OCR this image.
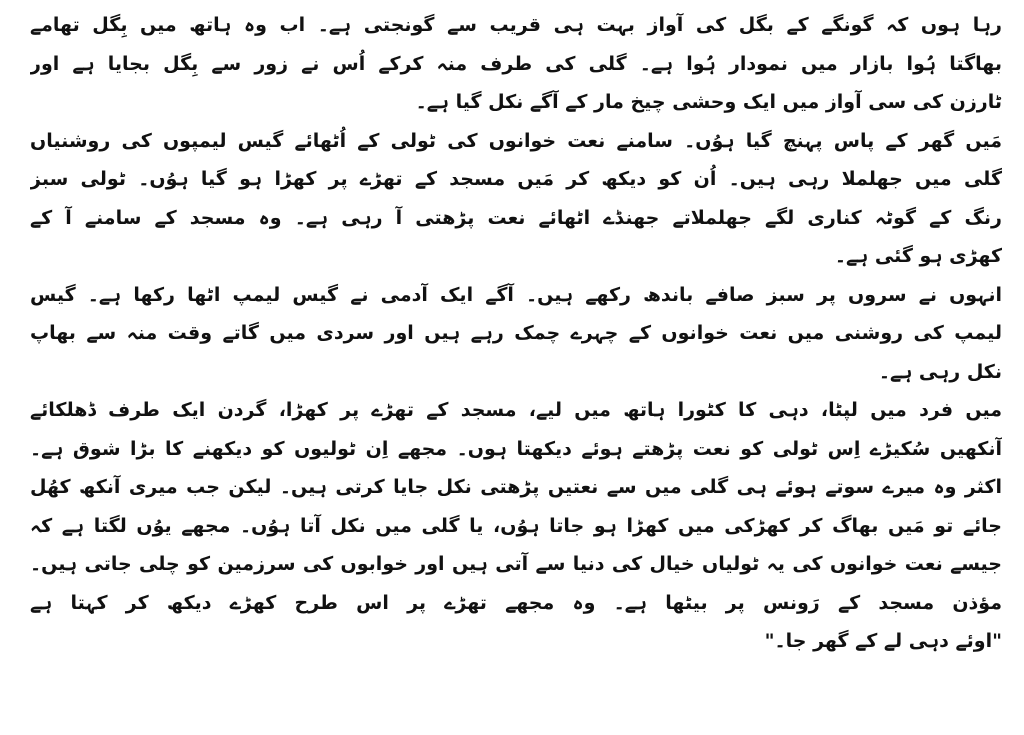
رہا ہوں کہ گونگے کے بگل کی آواز بہت ہی قریب سے گونجتی ہے۔ اب وہ ہاتھ میں بِگل تھامے
بھاگتا ہُوا بازار میں نمودار ہُوا ہے۔ گلی کی طرف منہ کرکے اُس نے زور سے بِگل بجایا ہے اور
ٹارزن کی سی آواز میں ایک وحشی چیخ مار کے آگے نکل گیا ہے۔
مَیں گھر کے پاس پہنچ گیا ہوُں۔ سامنے نعت خوانوں کی ٹولی کے اُٹھائے گیس لیمپوں کی روشنیاں
گلی میں جھلملا رہی ہیں۔ اُن کو دیکھ کر مَیں مسجد کے تھڑے پر کھڑا ہو گیا ہوُں۔ ٹولی سبز
رنگ کے گوٹہ کناری لگے جھلملاتے جھنڈے اٹھائے نعت پڑھتی آ رہی ہے۔ وہ مسجد کے سامنے آ کے
کھڑی ہو گئی ہے۔
انہوں نے سروں پر سبز صافے باندھ رکھے ہیں۔ آگے ایک آدمی نے گیس لیمپ اٹھا رکھا ہے۔ گیس
لیمپ کی روشنی میں نعت خوانوں کے چہرے چمک رہے ہیں اور سردی میں گاتے وقت منہ سے بھاپ
نکل رہی ہے۔
میں فرد میں لپٹا، دہی کا کٹورا ہاتھ میں لیے، مسجد کے تھڑے پر کھڑا، گردن ایک طرف ڈھلکائے
آنکھیں سُکیڑے اِس ٹولی کو نعت پڑھتے ہوئے دیکھتا ہوں۔ مجھے اِن ٹولیوں کو دیکھنے کا بڑا شوق ہے۔
اکثر وہ میرے سوتے ہوئے ہی گلی میں سے نعتیں پڑھتی نکل جایا کرتی ہیں۔ لیکن جب میری آنکھ کھُل
جائے تو مَیں بھاگ کر کھڑکی میں کھڑا ہو جاتا ہوُں، یا گلی میں نکل آتا ہوُں۔ مجھے یوُں لگتا ہے کہ
جیسے نعت خوانوں کی یہ ٹولیاں خیال کی دنیا سے آتی ہیں اور خوابوں کی سرزمین کو چلی جاتی ہیں۔
مؤذن مسجد کے رَونس پر بیٹھا ہے۔ وہ مجھے تھڑے پر اس طرح کھڑے دیکھ کر کہتا ہے
"اوئے دہی لے کے گھر جا۔"
